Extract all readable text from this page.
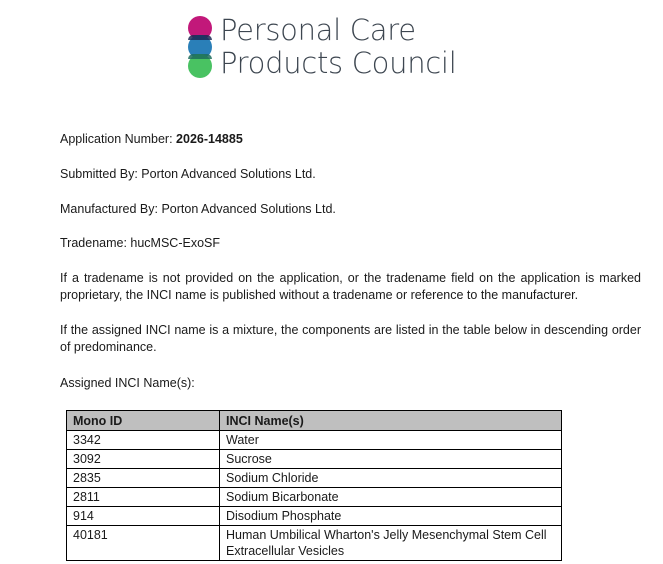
Personal Care
Products Council

Application Number: 2026-14885

Submitted By: Porton Advanced Solutions Ltd.

Manufactured By: Porton Advanced Solutions Ltd.

Tradename: hucMSC-ExoSF

If a tradename is not provided on the application, or the tradename field on the application is marked proprietary, the INCI name is published without a tradename or reference to the manufacturer.

If the assigned INCI name is a mixture, the components are listed in the table below in descending order of predominance.

Assigned INCI Name(s):

Mono ID	INCI Name(s)
3342	Water
3092	Sucrose
2835	Sodium Chloride
2811	Sodium Bicarbonate
914	Disodium Phosphate
40181	Human Umbilical Wharton's Jelly Mesenchymal Stem Cell Extracellular Vesicles
